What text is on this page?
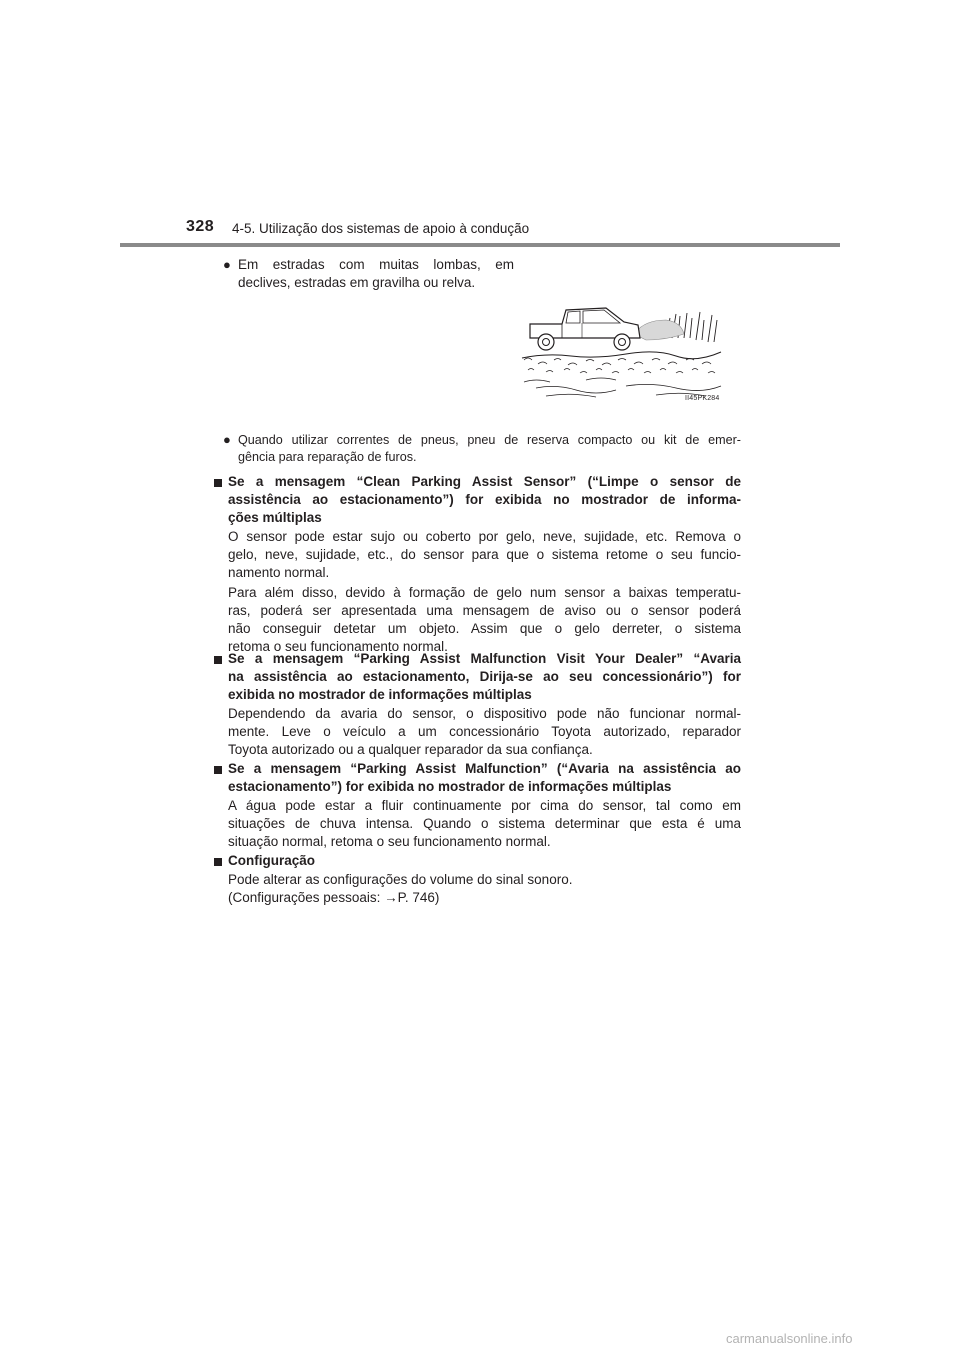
328 4-5. Utilização dos sistemas de apoio à condução
● Em estradas com muitas lombas, em
declives, estradas em gravilha ou relva.
II45PK284
● Quando utilizar correntes de pneus, pneu de reserva compacto ou kit de emer-
gência para reparação de furos.
Se a mensagem “Clean Parking Assist Sensor” (“Limpe o sensor de
assistência ao estacionamento”) for exibida no mostrador de informa-
ções múltiplas
O sensor pode estar sujo ou coberto por gelo, neve, sujidade, etc. Remova o
gelo, neve, sujidade, etc., do sensor para que o sistema retome o seu funcio-
namento normal.
Para além disso, devido à formação de gelo num sensor a baixas temperatu-
ras, poderá ser apresentada uma mensagem de aviso ou o sensor poderá
não conseguir detetar um objeto. Assim que o gelo derreter, o sistema
retoma o seu funcionamento normal.
Se a mensagem “Parking Assist Malfunction Visit Your Dealer” “Avaria
na assistência ao estacionamento, Dirija-se ao seu concessionário”) for
exibida no mostrador de informações múltiplas
Dependendo da avaria do sensor, o dispositivo pode não funcionar normal-
mente. Leve o veículo a um concessionário Toyota autorizado, reparador
Toyota autorizado ou a qualquer reparador da sua confiança.
Se a mensagem “Parking Assist Malfunction” (“Avaria na assistência ao
estacionamento”) for exibida no mostrador de informações múltiplas
A água pode estar a fluir continuamente por cima do sensor, tal como em
situações de chuva intensa. Quando o sistema determinar que esta é uma
situação normal, retoma o seu funcionamento normal.
Configuração
Pode alterar as configurações do volume do sinal sonoro.
(Configurações pessoais: →P. 746)
carmanualsonline.info
